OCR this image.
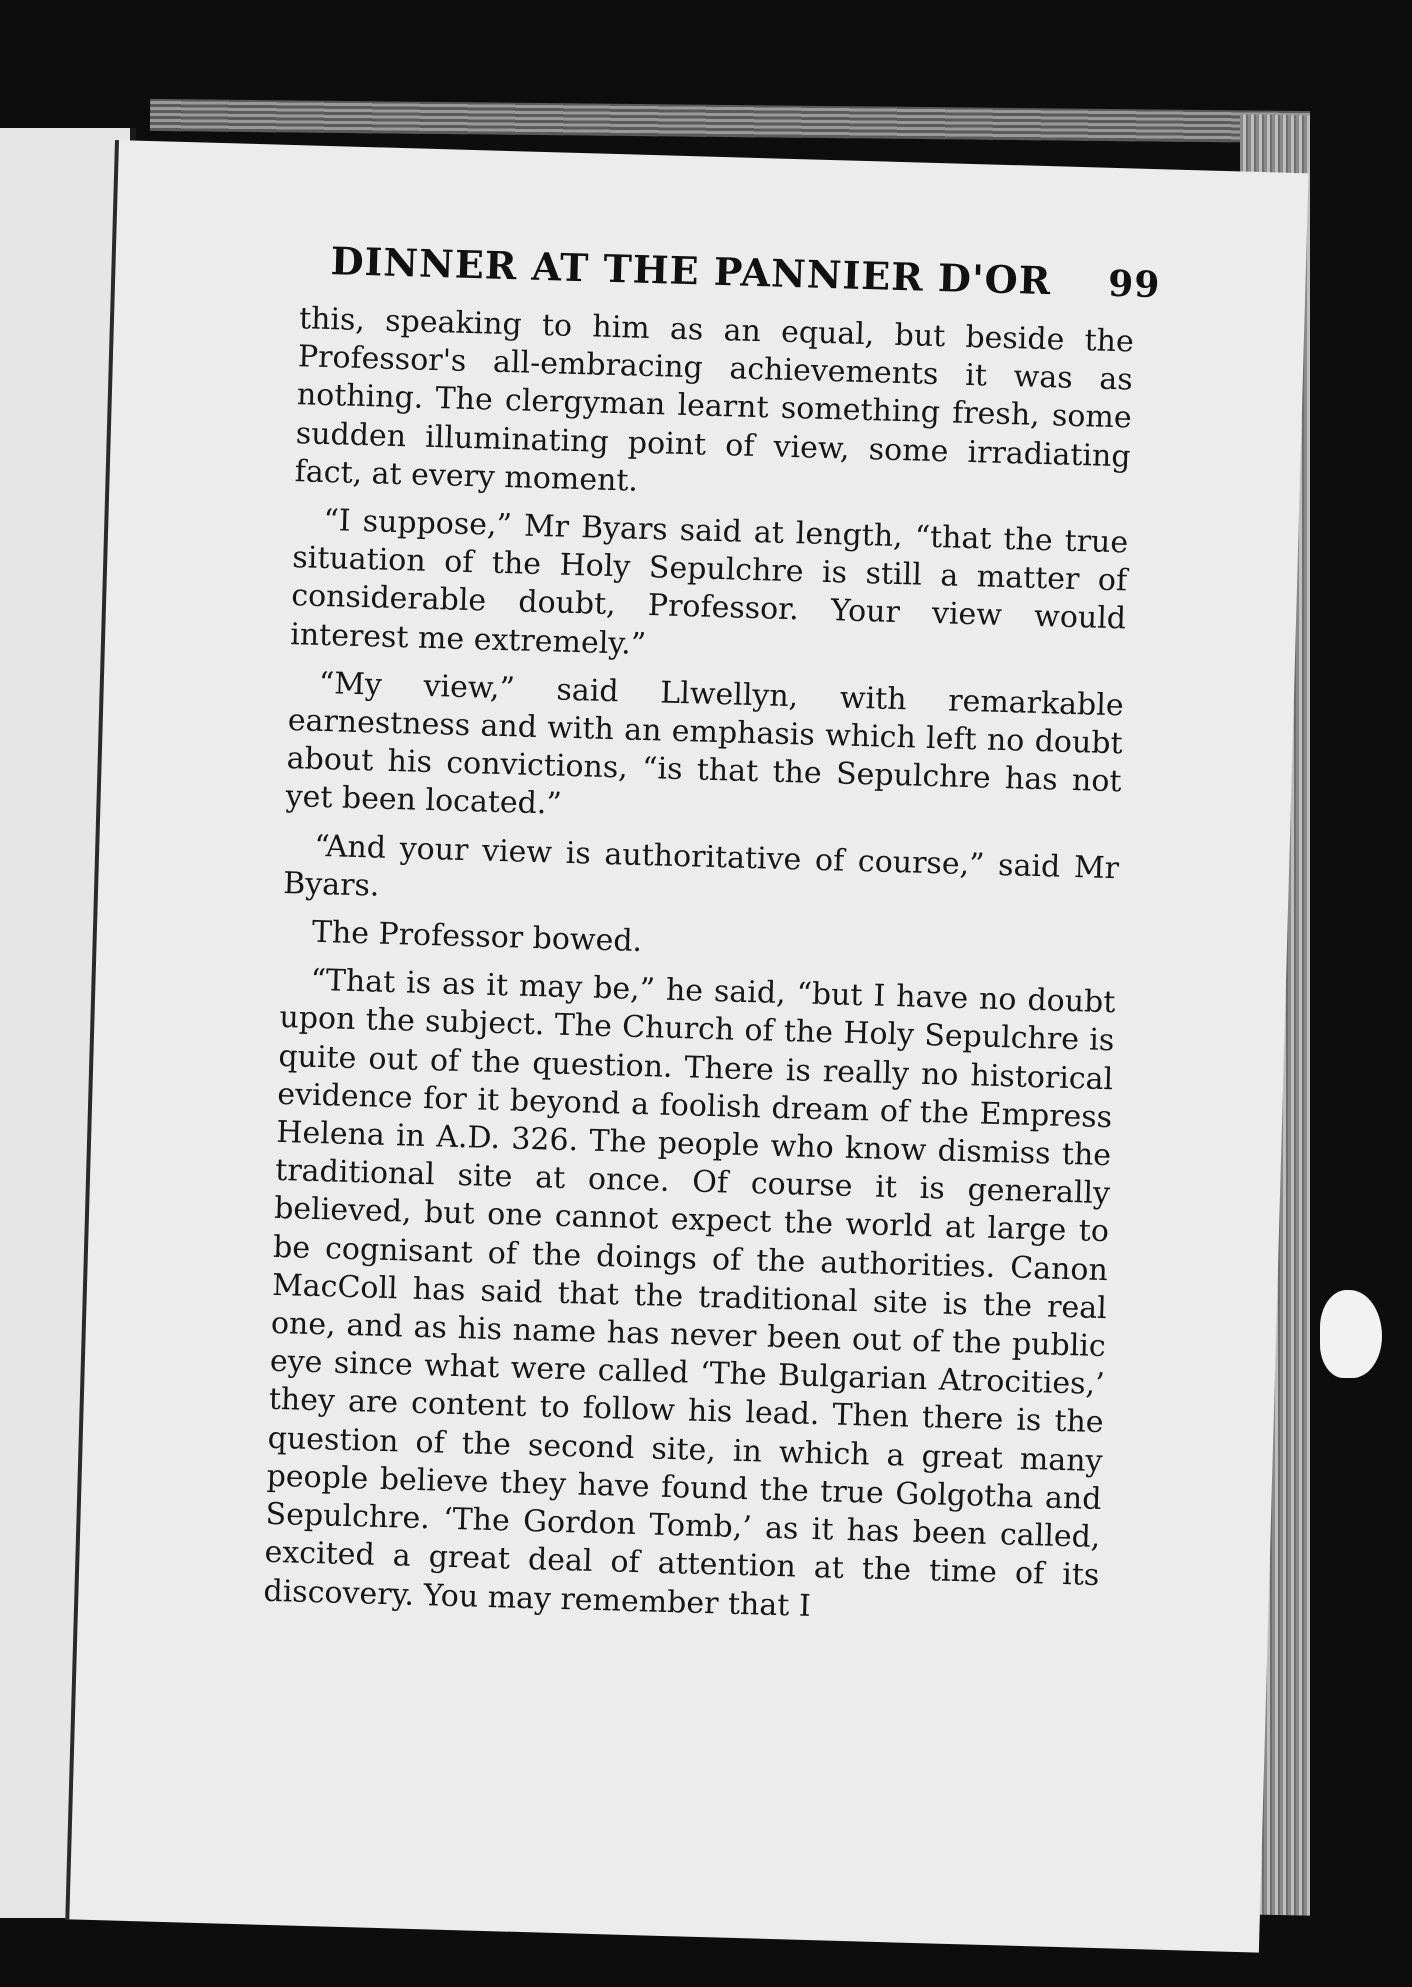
DINNER AT THE PANNIER D'OR 99

this, speaking to him as an equal, but beside the Professor's all-embracing achievements it was as nothing. The clergyman learnt something fresh, some sudden illuminating point of view, some irradiating fact, at every moment.

“I suppose,” Mr Byars said at length, “that the true situation of the Holy Sepulchre is still a matter of considerable doubt, Professor. Your view would interest me extremely.”

“My view,” said Llwellyn, with remarkable earnestness and with an emphasis which left no doubt about his convictions, “is that the Sepulchre has not yet been located.”

“And your view is authoritative of course,” said Mr Byars.

The Professor bowed.

“That is as it may be,” he said, “but I have no doubt upon the subject. The Church of the Holy Sepulchre is quite out of the question. There is really no historical evidence for it beyond a foolish dream of the Empress Helena in A.D. 326. The people who know dismiss the traditional site at once. Of course it is generally believed, but one cannot expect the world at large to be cognisant of the doings of the authorities. Canon MacColl has said that the traditional site is the real one, and as his name has never been out of the public eye since what were called ‘The Bulgarian Atrocities,’ they are content to follow his lead. Then there is the question of the second site, in which a great many people believe they have found the true Golgotha and Sepulchre. ‘The Gordon Tomb,’ as it has been called, excited a great deal of attention at the time of its discovery. You may remember that I
